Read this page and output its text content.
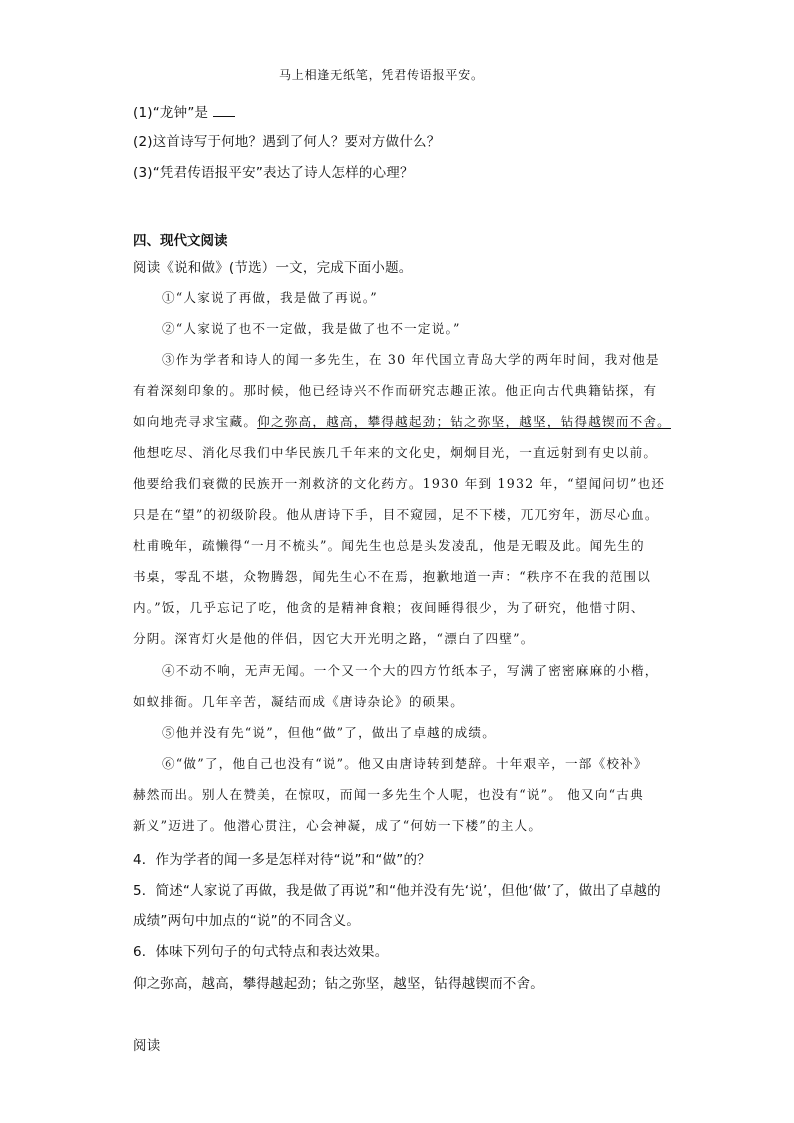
马上相逢无纸笔，凭君传语报平安。
(1)“龙钟”是
(2)这首诗写于何地？遇到了何人？要对方做什么？
(3)“凭君传语报平安”表达了诗人怎样的心理？
四、现代文阅读
阅读《说和做》(节选）一文，完成下面小题。
①“人家说了再做，我是做了再说。”
②“人家说了也不一定做，我是做了也不一定说。”
③作为学者和诗人的闻一多先生，在 30 年代国立青岛大学的两年时间，我对他是
有着深刻印象的。那时候，他已经诗兴不作而研究志趣正浓。他正向古代典籍钻探，有
如向地壳寻求宝藏。仰之弥高，越高，攀得越起劲；钻之弥坚，越坚，钻得越锲而不舍。
他想吃尽、消化尽我们中华民族几千年来的文化史，炯炯目光，一直远射到有史以前。
他要给我们衰微的民族开一剂救济的文化药方。1930 年到 1932 年，“望闻问切”也还
只是在“望”的初级阶段。他从唐诗下手，目不窥园，足不下楼，兀兀穷年，沥尽心血。
杜甫晚年，疏懒得“一月不梳头”。闻先生也总是头发凌乱，他是无暇及此。闻先生的
书桌，零乱不堪，众物腾怨，闻先生心不在焉，抱歉地道一声：“秩序不在我的范围以
内。”饭，几乎忘记了吃，他贪的是精神食粮；夜间睡得很少，为了研究，他惜寸阴、
分阴。深宵灯火是他的伴侣，因它大开光明之路，“漂白了四壁”。
④不动不响，无声无闻。一个又一个大的四方竹纸本子，写满了密密麻麻的小楷，
如蚁排衙。几年辛苦，凝结而成《唐诗杂论》的硕果。
⑤他并没有先“说”，但他“做”了，做出了卓越的成绩。
⑥“做”了，他自己也没有“说”。他又由唐诗转到楚辞。十年艰辛，一部《校补》
赫然而出。别人在赞美，在惊叹，而闻一多先生个人呢，也没有“说”。 他又向“古典
新义”迈进了。他潜心贯注，心会神凝，成了“何妨一下楼”的主人。
4．作为学者的闻一多是怎样对待“说”和“做”的？
5．简述“人家说了再做，我是做了再说”和“他并没有先‘说’，但他‘做’了，做出了卓越的
成绩”两句中加点的“说”的不同含义。
6．体味下列句子的句式特点和表达效果。
仰之弥高，越高，攀得越起劲；钻之弥坚，越坚，钻得越锲而不舍。
阅读
